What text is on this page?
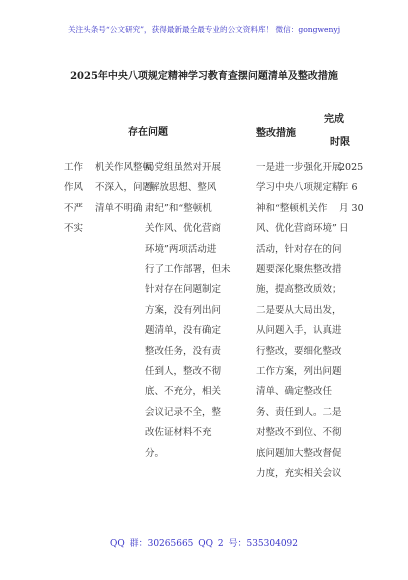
关注头条号“公文研究”，获得最新最全最专业的公文资料库！ 微信：gongwenyj
2025年中央八项规定精神学习教育查摆问题清单及整改措施
存在问题	整改措施
完成
时限
工作
作风
不严
不实
机关作风整顿
不深入，问题
清单不明确
局党组虽然对开展
“解放思想、整风
肃纪”和“整顿机
关作风、优化营商
环境”两项活动进
行了工作部署，但未
针对存在问题制定
方案，没有列出问
题清单，没有确定
整改任务，没有责
任到人，整改不彻
底、不充分，相关
会议记录不全，整
改佐证材料不充
分。
一是进一步强化开展
学习中央八项规定精
神和“整顿机关作
风、优化营商环境”
活动，针对存在的问
题要深化聚焦整改措
施，提高整改质效；
二是要从大局出发，
从问题入手，认真进
行整改，要细化整改
工作方案，列出问题
清单、确定整改任
务、责任到人。二是
对整改不到位、不彻
底问题加大整改督促
力度，充实相关会议
2025
年 6
月 30
日
QQ 群：30265665 QQ 2 号：535304092
